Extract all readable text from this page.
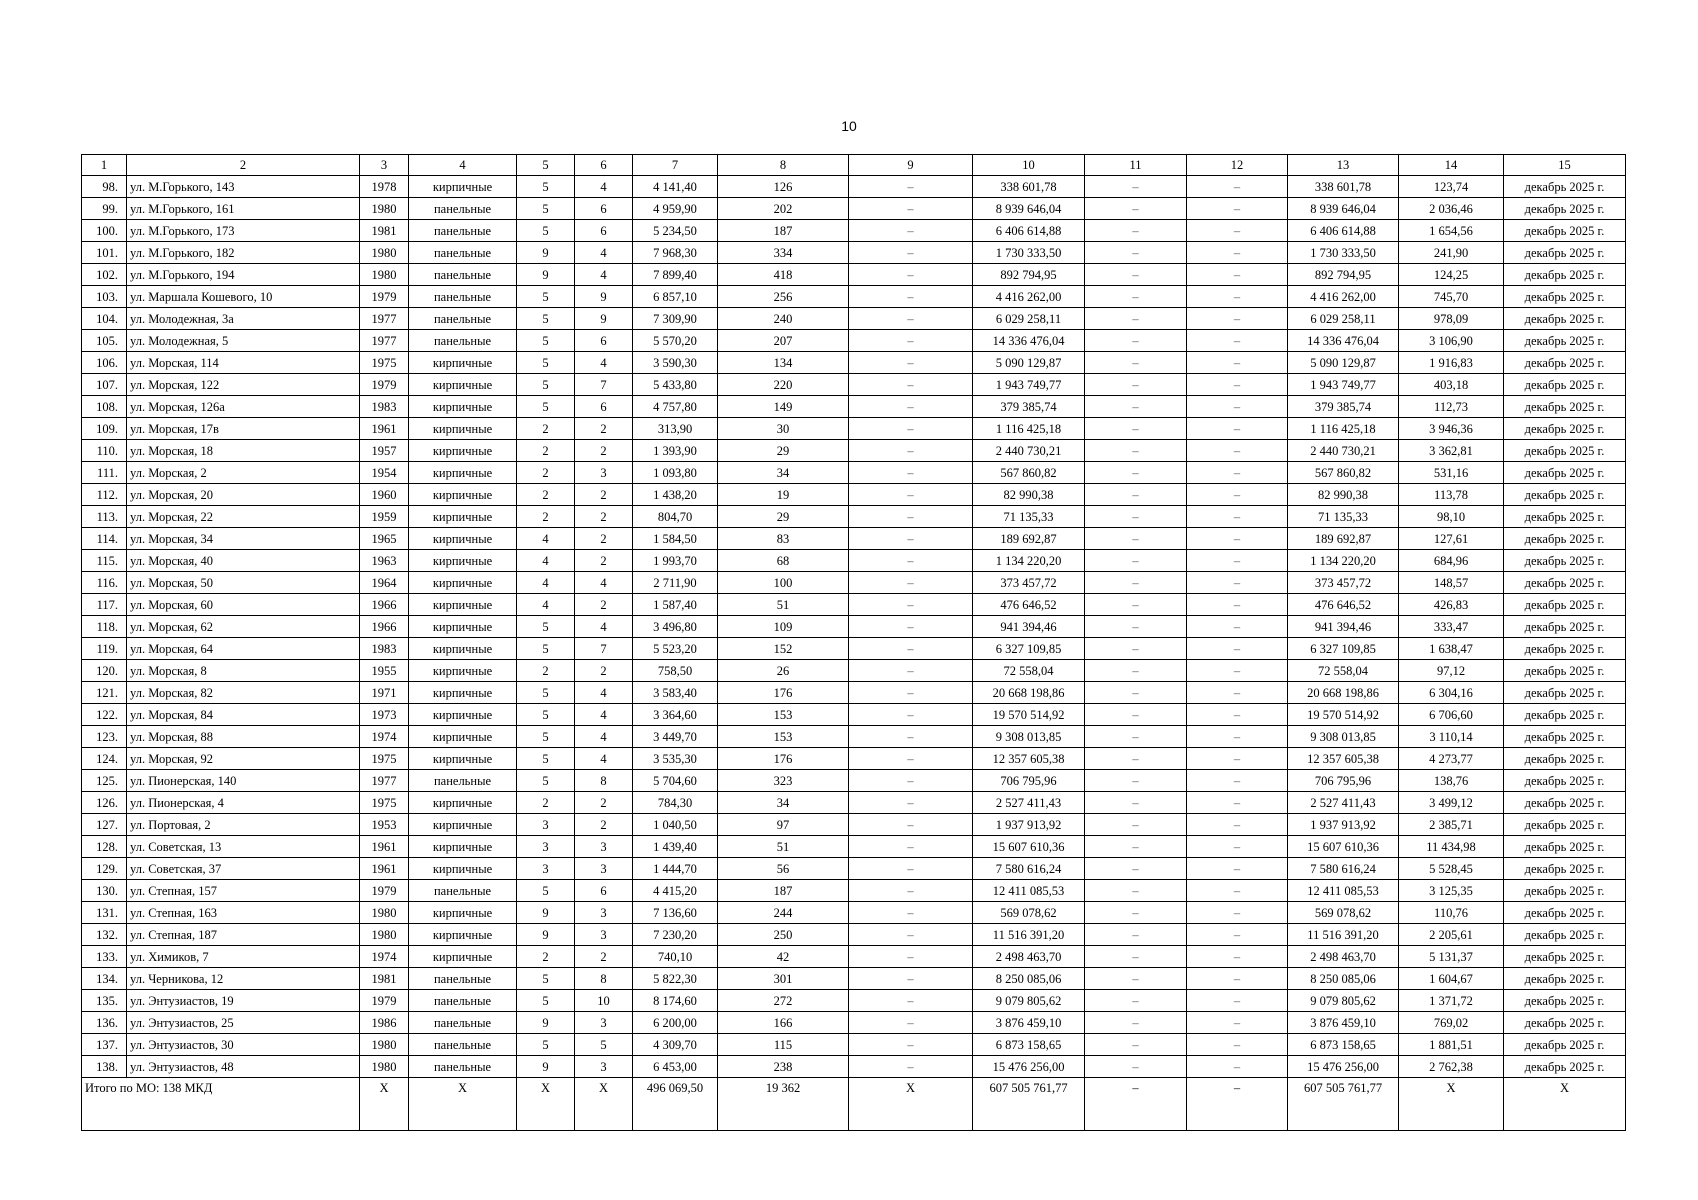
10
1	2	3	4	5	6	7	8	9	10	11	12	13	14	15
98.	ул. М.Горького, 143	1978	кирпичные	5	4	4 141,40	126	–	338 601,78	–	–	338 601,78	123,74	декабрь 2025 г.
99.	ул. М.Горького, 161	1980	панельные	5	6	4 959,90	202	–	8 939 646,04	–	–	8 939 646,04	2 036,46	декабрь 2025 г.
100.	ул. М.Горького, 173	1981	панельные	5	6	5 234,50	187	–	6 406 614,88	–	–	6 406 614,88	1 654,56	декабрь 2025 г.
101.	ул. М.Горького, 182	1980	панельные	9	4	7 968,30	334	–	1 730 333,50	–	–	1 730 333,50	241,90	декабрь 2025 г.
102.	ул. М.Горького, 194	1980	панельные	9	4	7 899,40	418	–	892 794,95	–	–	892 794,95	124,25	декабрь 2025 г.
103.	ул. Маршала Кошевого, 10	1979	панельные	5	9	6 857,10	256	–	4 416 262,00	–	–	4 416 262,00	745,70	декабрь 2025 г.
104.	ул. Молодежная, 3а	1977	панельные	5	9	7 309,90	240	–	6 029 258,11	–	–	6 029 258,11	978,09	декабрь 2025 г.
105.	ул. Молодежная, 5	1977	панельные	5	6	5 570,20	207	–	14 336 476,04	–	–	14 336 476,04	3 106,90	декабрь 2025 г.
106.	ул. Морская, 114	1975	кирпичные	5	4	3 590,30	134	–	5 090 129,87	–	–	5 090 129,87	1 916,83	декабрь 2025 г.
107.	ул. Морская, 122	1979	кирпичные	5	7	5 433,80	220	–	1 943 749,77	–	–	1 943 749,77	403,18	декабрь 2025 г.
108.	ул. Морская, 126а	1983	кирпичные	5	6	4 757,80	149	–	379 385,74	–	–	379 385,74	112,73	декабрь 2025 г.
109.	ул. Морская, 17в	1961	кирпичные	2	2	313,90	30	–	1 116 425,18	–	–	1 116 425,18	3 946,36	декабрь 2025 г.
110.	ул. Морская, 18	1957	кирпичные	2	2	1 393,90	29	–	2 440 730,21	–	–	2 440 730,21	3 362,81	декабрь 2025 г.
111.	ул. Морская, 2	1954	кирпичные	2	3	1 093,80	34	–	567 860,82	–	–	567 860,82	531,16	декабрь 2025 г.
112.	ул. Морская, 20	1960	кирпичные	2	2	1 438,20	19	–	82 990,38	–	–	82 990,38	113,78	декабрь 2025 г.
113.	ул. Морская, 22	1959	кирпичные	2	2	804,70	29	–	71 135,33	–	–	71 135,33	98,10	декабрь 2025 г.
114.	ул. Морская, 34	1965	кирпичные	4	2	1 584,50	83	–	189 692,87	–	–	189 692,87	127,61	декабрь 2025 г.
115.	ул. Морская, 40	1963	кирпичные	4	2	1 993,70	68	–	1 134 220,20	–	–	1 134 220,20	684,96	декабрь 2025 г.
116.	ул. Морская, 50	1964	кирпичные	4	4	2 711,90	100	–	373 457,72	–	–	373 457,72	148,57	декабрь 2025 г.
117.	ул. Морская, 60	1966	кирпичные	4	2	1 587,40	51	–	476 646,52	–	–	476 646,52	426,83	декабрь 2025 г.
118.	ул. Морская, 62	1966	кирпичные	5	4	3 496,80	109	–	941 394,46	–	–	941 394,46	333,47	декабрь 2025 г.
119.	ул. Морская, 64	1983	кирпичные	5	7	5 523,20	152	–	6 327 109,85	–	–	6 327 109,85	1 638,47	декабрь 2025 г.
120.	ул. Морская, 8	1955	кирпичные	2	2	758,50	26	–	72 558,04	–	–	72 558,04	97,12	декабрь 2025 г.
121.	ул. Морская, 82	1971	кирпичные	5	4	3 583,40	176	–	20 668 198,86	–	–	20 668 198,86	6 304,16	декабрь 2025 г.
122.	ул. Морская, 84	1973	кирпичные	5	4	3 364,60	153	–	19 570 514,92	–	–	19 570 514,92	6 706,60	декабрь 2025 г.
123.	ул. Морская, 88	1974	кирпичные	5	4	3 449,70	153	–	9 308 013,85	–	–	9 308 013,85	3 110,14	декабрь 2025 г.
124.	ул. Морская, 92	1975	кирпичные	5	4	3 535,30	176	–	12 357 605,38	–	–	12 357 605,38	4 273,77	декабрь 2025 г.
125.	ул. Пионерская, 140	1977	панельные	5	8	5 704,60	323	–	706 795,96	–	–	706 795,96	138,76	декабрь 2025 г.
126.	ул. Пионерская, 4	1975	кирпичные	2	2	784,30	34	–	2 527 411,43	–	–	2 527 411,43	3 499,12	декабрь 2025 г.
127.	ул. Портовая, 2	1953	кирпичные	3	2	1 040,50	97	–	1 937 913,92	–	–	1 937 913,92	2 385,71	декабрь 2025 г.
128.	ул. Советская, 13	1961	кирпичные	3	3	1 439,40	51	–	15 607 610,36	–	–	15 607 610,36	11 434,98	декабрь 2025 г.
129.	ул. Советская, 37	1961	кирпичные	3	3	1 444,70	56	–	7 580 616,24	–	–	7 580 616,24	5 528,45	декабрь 2025 г.
130.	ул. Степная, 157	1979	панельные	5	6	4 415,20	187	–	12 411 085,53	–	–	12 411 085,53	3 125,35	декабрь 2025 г.
131.	ул. Степная, 163	1980	кирпичные	9	3	7 136,60	244	–	569 078,62	–	–	569 078,62	110,76	декабрь 2025 г.
132.	ул. Степная, 187	1980	кирпичные	9	3	7 230,20	250	–	11 516 391,20	–	–	11 516 391,20	2 205,61	декабрь 2025 г.
133.	ул. Химиков, 7	1974	кирпичные	2	2	740,10	42	–	2 498 463,70	–	–	2 498 463,70	5 131,37	декабрь 2025 г.
134.	ул. Черникова, 12	1981	панельные	5	8	5 822,30	301	–	8 250 085,06	–	–	8 250 085,06	1 604,67	декабрь 2025 г.
135.	ул. Энтузиастов, 19	1979	панельные	5	10	8 174,60	272	–	9 079 805,62	–	–	9 079 805,62	1 371,72	декабрь 2025 г.
136.	ул. Энтузиастов, 25	1986	панельные	9	3	6 200,00	166	–	3 876 459,10	–	–	3 876 459,10	769,02	декабрь 2025 г.
137.	ул. Энтузиастов, 30	1980	панельные	5	5	4 309,70	115	–	6 873 158,65	–	–	6 873 158,65	1 881,51	декабрь 2025 г.
138.	ул. Энтузиастов, 48	1980	панельные	9	3	6 453,00	238	–	15 476 256,00	–	–	15 476 256,00	2 762,38	декабрь 2025 г.
Итого по МО: 138 МКД		X	X	X	X	496 069,50	19 362	X	607 505 761,77	–	–	607 505 761,77	X	X
